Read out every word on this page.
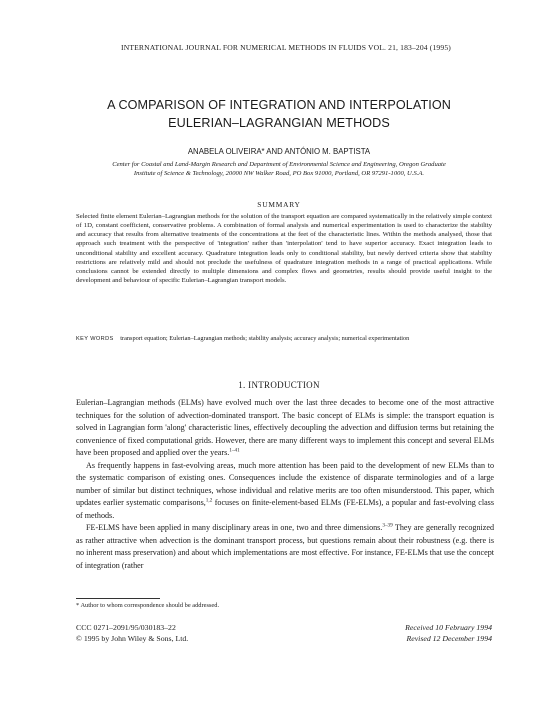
INTERNATIONAL JOURNAL FOR NUMERICAL METHODS IN FLUIDS VOL. 21, 183–204 (1995)
A COMPARISON OF INTEGRATION AND INTERPOLATION
EULERIAN–LAGRANGIAN METHODS
ANABELA OLIVEIRA* AND ANTÓNIO M. BAPTISTA
Center for Coastal and Land-Margin Research and Department of Environmental Science and Engineering, Oregon Graduate
Institute of Science & Technology, 20000 NW Walker Road, PO Box 91000, Portland, OR 97291-1000, U.S.A.
SUMMARY

Selected finite element Eulerian–Lagrangian methods for the solution of the transport equation are compared systematically in the relatively simple context of 1D, constant coefficient, conservative problems. A combination of formal analysis and numerical experimentation is used to characterize the stability and accuracy that results from alternative treatments of the concentrations at the feet of the characteristic lines. Within the methods analysed, those that approach such treatment with the perspective of 'integration' rather than 'interpolation' tend to have superior accuracy. Exact integration leads to unconditional stability and excellent accuracy. Quadrature integration leads only to conditional stability, but newly derived criteria show that stability restrictions are relatively mild and should not preclude the usefulness of quadrature integration methods in a range of practical applications. While conclusions cannot be extended directly to multiple dimensions and complex flows and geometries, results should provide useful insight to the development and behaviour of specific Eulerian–Lagrangian transport models.

KEY WORDS transport equation; Eulerian–Lagrangian methods; stability analysis; accuracy analysis; numerical experimentation
1. INTRODUCTION

Eulerian–Lagrangian methods (ELMs) have evolved much over the last three decades to become one of the most attractive techniques for the solution of advection-dominated transport. The basic concept of ELMs is simple: the transport equation is solved in Lagrangian form 'along' characteristic lines, effectively decoupling the advection and diffusion terms but retaining the convenience of fixed computational grids. However, there are many different ways to implement this concept and several ELMs have been proposed and applied over the years.$^{1-41}$

As frequently happens in fast-evolving areas, much more attention has been paid to the development of new ELMs than to the systematic comparison of existing ones. Consequences include the existence of disparate terminologies and of a large number of similar but distinct techniques, whose individual and relative merits are too often misunderstood. This paper, which updates earlier systematic comparisons,$^{1,2}$ focuses on finite-element-based ELMs (FE-ELMs), a popular and fast-evolving class of methods.

FE-ELMS have been applied in many disciplinary areas in one, two and three dimensions.$^{3-39}$ They are generally recognized as rather attractive when advection is the dominant transport process, but questions remain about their robustness (e.g. there is no inherent mass preservation) and about which implementations are most effective. For instance, FE-ELMs that use the concept of integration (rather

* Author to whom correspondence should be addressed.
CCC 0271–2091/95/030183–22
© 1995 by John Wiley & Sons, Ltd.
Received 10 February 1994
Revised 12 December 1994
